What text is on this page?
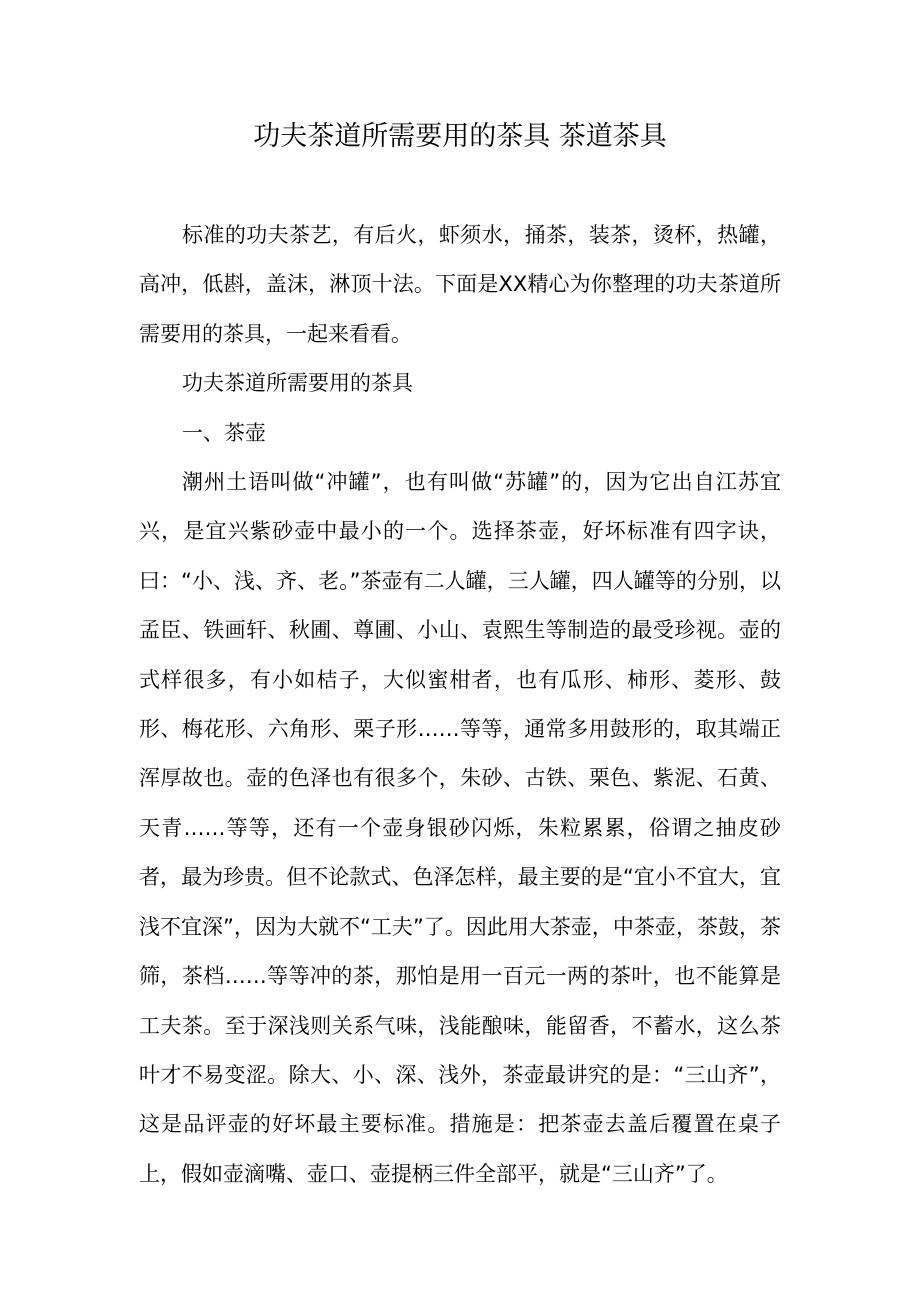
功夫茶道所需要用的茶具 茶道茶具

标准的功夫茶艺，有后火，虾须水，捅茶，装茶，烫杯，热罐，高冲，低斟，盖沫，淋顶十法。下面是XX精心为你整理的功夫茶道所需要用的茶具，一起来看看。

功夫茶道所需要用的茶具

一、茶壶

潮州土语叫做“冲罐”，也有叫做“苏罐”的，因为它出自江苏宜兴，是宜兴紫砂壶中最小的一个。选择茶壶，好坏标准有四字诀，曰：“小、浅、齐、老。”茶壶有二人罐，三人罐，四人罐等的分别，以孟臣、铁画轩、秋圃、尊圃、小山、袁熙生等制造的最受珍视。壶的式样很多，有小如桔子，大似蜜柑者，也有瓜形、柿形、菱形、鼓形、梅花形、六角形、栗子形……等等，通常多用鼓形的，取其端正浑厚故也。壶的色泽也有很多个，朱砂、古铁、栗色、紫泥、石黄、天青……等等，还有一个壶身银砂闪烁，朱粒累累，俗谓之抽皮砂者，最为珍贵。但不论款式、色泽怎样，最主要的是“宜小不宜大，宜浅不宜深”，因为大就不“工夫”了。因此用大茶壶，中茶壶，茶鼓，茶筛，茶档……等等冲的茶，那怕是用一百元一两的茶叶，也不能算是工夫茶。至于深浅则关系气味，浅能酿味，能留香，不蓄水，这么茶叶才不易变涩。除大、小、深、浅外，茶壶最讲究的是：“三山齐”，这是品评壶的好坏最主要标准。措施是：把茶壶去盖后覆置在桌子上，假如壶滴嘴、壶口、壶提柄三件全部平，就是“三山齐”了。
